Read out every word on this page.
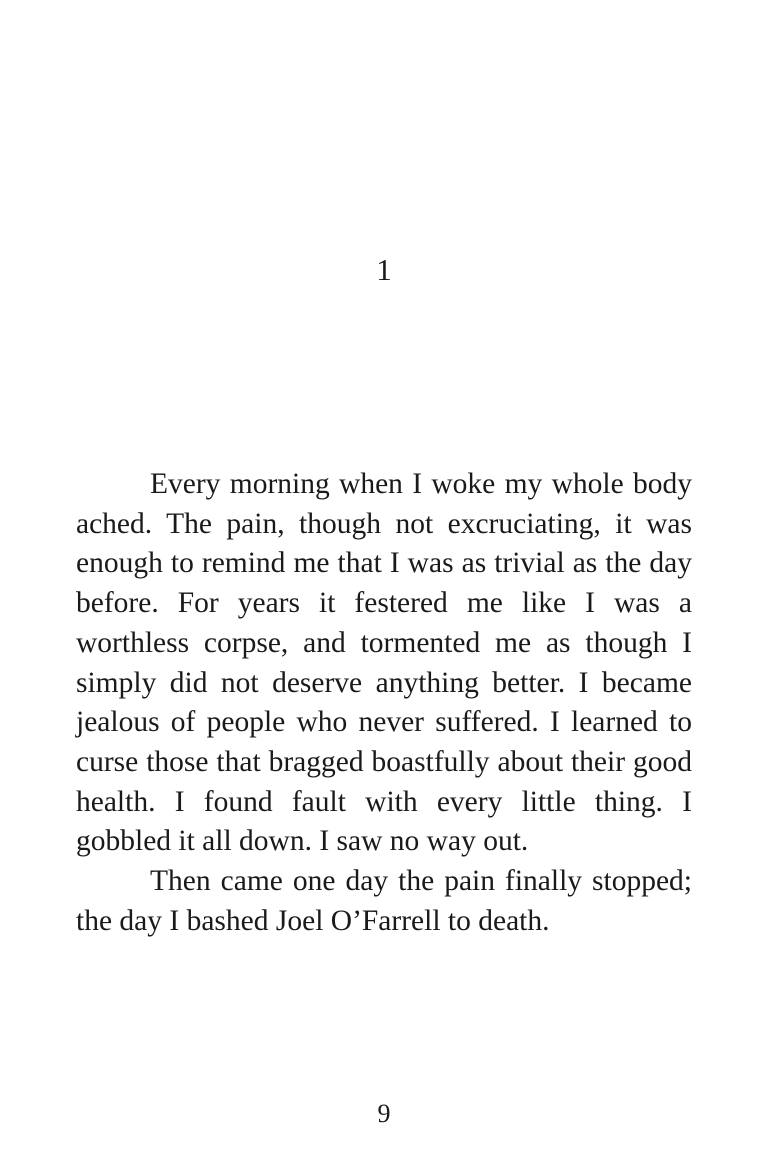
1

Every morning when I woke my whole body ached. The pain, though not excruciating, it was enough to remind me that I was as trivial as the day before. For years it festered me like I was a worthless corpse, and tormented me as though I simply did not deserve anything better. I became jealous of people who never suffered. I learned to curse those that bragged boastfully about their good health. I found fault with every little thing. I gobbled it all down. I saw no way out.

Then came one day the pain finally stopped; the day I bashed Joel O’Farrell to death.

9
